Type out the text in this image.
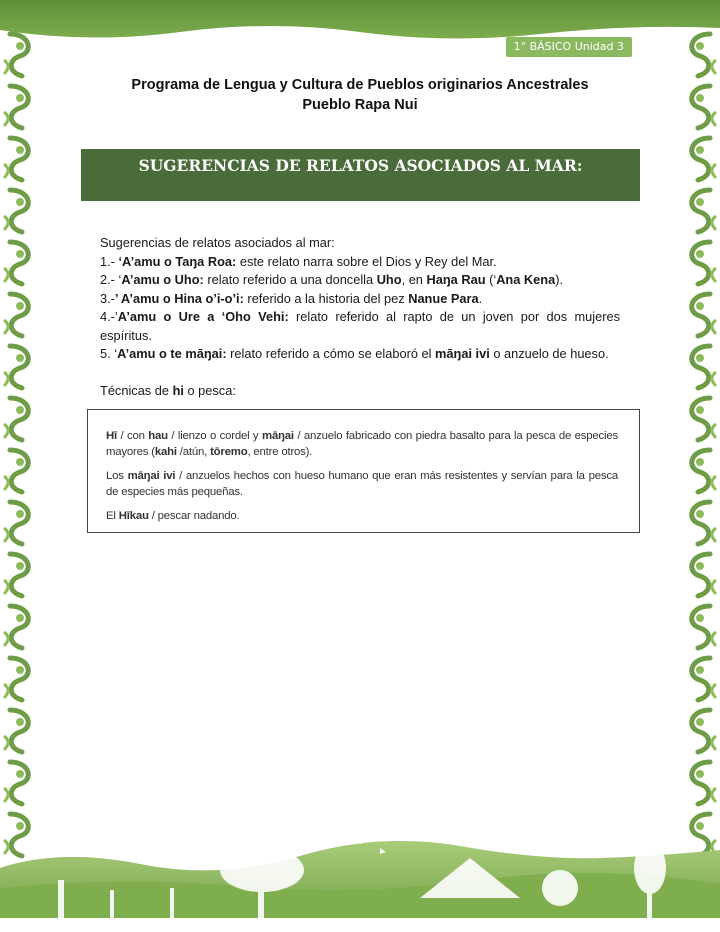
1° BÁSICO Unidad 3
Programa de Lengua y Cultura de Pueblos originarios Ancestrales
Pueblo Rapa Nui
SUGERENCIAS DE RELATOS ASOCIADOS AL MAR:

Sugerencias de relatos asociados al mar:

1.- ‘A’amu o Taŋa Roa: este relato narra sobre el Dios y Rey del Mar.

2.- ‘A’amu o Uho: relato referido a una doncella Uho, en Haŋa Rau (‘Ana Kena).

3.-’ A’amu o Hina o’i-o’i: referido a la historia del pez Nanue Para.

4.-’A’amu o Ure a ‘Oho Vehi: relato referido al rapto de un joven por dos mujeres

espíritus.

5. ‘A’amu o te māŋai: relato referido a cómo se elaboró el māŋai ivi o anzuelo de hueso.

Técnicas de hi o pesca:

Hī / con hau / lienzo o cordel y māŋai / anzuelo fabricado con piedra basalto para la pesca de especies
mayores (kahi /atún, tōremo, entre otros).

Los māŋai ivi / anzuelos hechos con hueso humano que eran más resistentes y servían para la pesca
de especies más pequeñas.

El Hīkau / pescar nadando.
